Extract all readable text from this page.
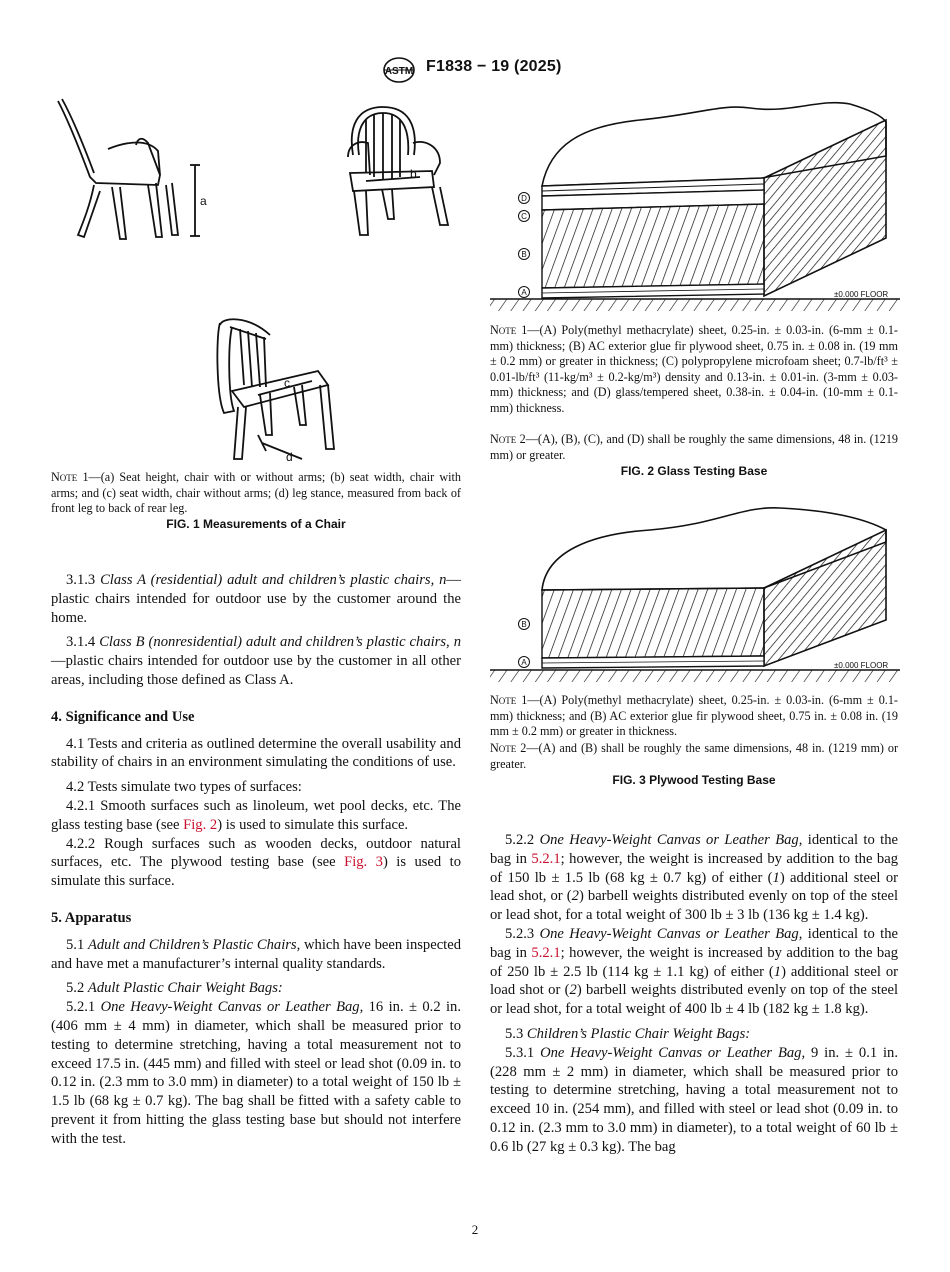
ASTM F1838 − 19 (2025)
a
b
c
d
Note 1—(a) Seat height, chair with or without arms; (b) seat width, chair with arms; and (c) seat width, chair without arms; (d) leg stance, measured from back of front leg to back of rear leg.
FIG. 1 Measurements of a Chair
D
C
B
A	±0.000 FLOOR
Note 1—(A) Poly(methyl methacrylate) sheet, 0.25-in. ± 0.03-in. (6-mm ± 0.1-mm) thickness; (B) AC exterior glue fir plywood sheet, 0.75 in. ± 0.08 in. (19 mm ± 0.2 mm) or greater in thickness; (C) polypropylene microfoam sheet; 0.7-lb/ft³ ± 0.01-lb/ft³ (11-kg/m³ ± 0.2-kg/m³) density and 0.13-in. ± 0.01-in. (3-mm ± 0.03-mm) thickness; and (D) glass/tempered sheet, 0.38-in. ± 0.04-in. (10-mm ± 0.1-mm) thickness.
Note 2—(A), (B), (C), and (D) shall be roughly the same dimensions, 48 in. (1219 mm) or greater.
FIG. 2 Glass Testing Base
B
A	±0.000 FLOOR
Note 1—(A) Poly(methyl methacrylate) sheet, 0.25-in. ± 0.03-in. (6-mm ± 0.1-mm) thickness; and (B) AC exterior glue fir plywood sheet, 0.75 in. ± 0.08 in. (19 mm ± 0.2 mm) or greater in thickness.
Note 2—(A) and (B) shall be roughly the same dimensions, 48 in. (1219 mm) or greater.
FIG. 3 Plywood Testing Base

3.1.3 Class A (residential) adult and children’s plastic chairs, n—plastic chairs intended for outdoor use by the customer around the home.

3.1.4 Class B (nonresidential) adult and children’s plastic chairs, n—plastic chairs intended for outdoor use by the customer in all other areas, including those defined as Class A.

4. Significance and Use

4.1 Tests and criteria as outlined determine the overall usability and stability of chairs in an environment simulating the conditions of use.

4.2 Tests simulate two types of surfaces:

4.2.1 Smooth surfaces such as linoleum, wet pool decks, etc. The glass testing base (see Fig. 2) is used to simulate this surface.

4.2.2 Rough surfaces such as wooden decks, outdoor natural surfaces, etc. The plywood testing base (see Fig. 3) is used to simulate this surface.

5. Apparatus

5.1 Adult and Children’s Plastic Chairs, which have been inspected and have met a manufacturer’s internal quality standards.

5.2 Adult Plastic Chair Weight Bags:

5.2.1 One Heavy-Weight Canvas or Leather Bag, 16 in. ± 0.2 in. (406 mm ± 4 mm) in diameter, which shall be measured prior to testing to determine stretching, having a total measurement not to exceed 17.5 in. (445 mm) and filled with steel or lead shot (0.09 in. to 0.12 in. (2.3 mm to 3.0 mm) in diameter) to a total weight of 150 lb ± 1.5 lb (68 kg ± 0.7 kg). The bag shall be fitted with a safety cable to prevent it from hitting the glass testing base but should not interfere with the test.

5.2.2 One Heavy-Weight Canvas or Leather Bag, identical to the bag in 5.2.1; however, the weight is increased by addition to the bag of 150 lb ± 1.5 lb (68 kg ± 0.7 kg) of either (1) additional steel or lead shot, or (2) barbell weights distributed evenly on top of the steel or lead shot, for a total weight of 300 lb ± 3 lb (136 kg ± 1.4 kg).

5.2.3 One Heavy-Weight Canvas or Leather Bag, identical to the bag in 5.2.1; however, the weight is increased by addition to the bag of 250 lb ± 2.5 lb (114 kg ± 1.1 kg) of either (1) additional steel or load shot or (2) barbell weights distributed evenly on top of the steel or lead shot, for a total weight of 400 lb ± 4 lb (182 kg ± 1.8 kg).

5.3 Children’s Plastic Chair Weight Bags:

5.3.1 One Heavy-Weight Canvas or Leather Bag, 9 in. ± 0.1 in. (228 mm ± 2 mm) in diameter, which shall be measured prior to testing to determine stretching, having a total measurement not to exceed 10 in. (254 mm), and filled with steel or lead shot (0.09 in. to 0.12 in. (2.3 mm to 3.0 mm) in diameter), to a total weight of 60 lb ± 0.6 lb (27 kg ± 0.3 kg). The bag

2
